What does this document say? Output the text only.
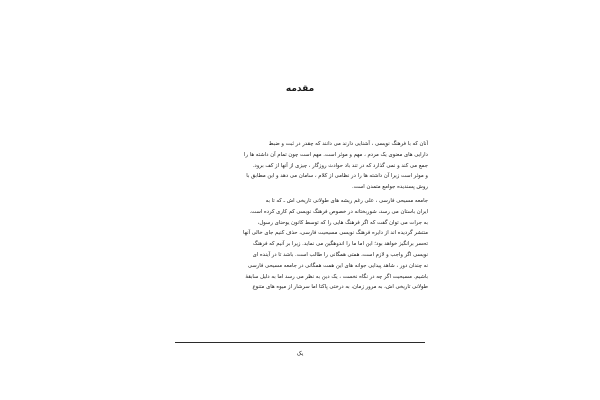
مقدمه
آنان که با فرهنگ نویسی ، آشنایی دارند می دانند که چقدر در ثبت و ضبط
دارایی های معنوی یک مردم ، مهم و موثر است. مهم است چون تمام آن داشته ها را
جمع می کند و نمی گذارد که در تند باد حوادث روزگار ، چیزی از آنها از کف برود.
و موثر است زیرا آن داشته ها را در نظامی از کلام ، سامان می دهد و این مطابق با
روش پسندیده جوامع متمدن است.
جامعه مسیحی فارسی ، علی رغم ریشه های طولانی تاریخی اش ـ که تا به
ایران باستان می رسد، شوربختانه در خصوص فرهنگ نویسی کم کاری کرده است.
به جرات می توان گفت که اگر فرهنگ هایی را که توسط کانون یوحنای رسول،
منتشر گردیده اند از دایره فرهنگ نویسی مسیحیت فارسی، حذف کنیم جای خالی آنها
تحسر برانگیز خواهد بود؛ این اما ما را اندوهگین می نماید. زیرا بر آنیم که فرهنگ
نویسی اگر واجب و لازم است، همتی همگانی را طالب است. باشد تا در آینده ای
نه چندان دور ، شاهد پیدایی جوانه های این همت همگانی در جامعه مسیحی فارسی
باشیم. مسیحیت اگر چه در نگاه نخست ، یک دین به نظر می رسد اما به دلیل سابقۀ
طولانی تاریخی اش، به مرور زمان، به درختی پاکتا اما سرشار از میوه های متنوع
یک
